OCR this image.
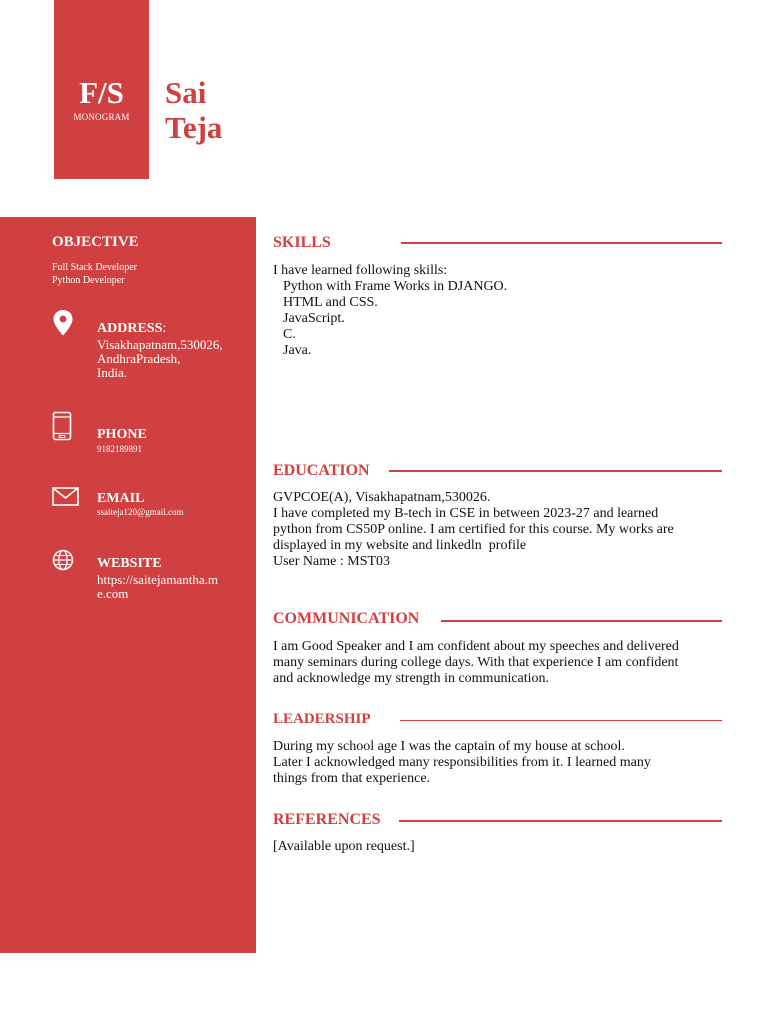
F/S
MONOGRAM
Sai
Teja
OBJECTIVE
Full Stack Developer
Python Developer
ADDRESS:
Visakhapatnam,530026,
AndhraPradesh,
India.
PHONE
9182189891
EMAIL
ssaiteja120@gmail.com
WEBSITE
https://saitejamantha.m
e.com
SKILLS
I have learned following skills:
Python with Frame Works in DJANGO.
HTML and CSS.
JavaScript.
C.
Java.
EDUCATION
GVPCOE(A), Visakhapatnam,530026.
I have completed my B-tech in CSE in between 2023-27 and learned
python from CS50P online. I am certified for this course. My works are
displayed in my website and linkedln  profile
User Name : MST03
COMMUNICATION
I am Good Speaker and I am confident about my speeches and delivered
many seminars during college days. With that experience I am confident
and acknowledge my strength in communication.
LEADERSHIP
During my school age I was the captain of my house at school.
Later I acknowledged many responsibilities from it. I learned many
things from that experience.
REFERENCES
[Available upon request.]
